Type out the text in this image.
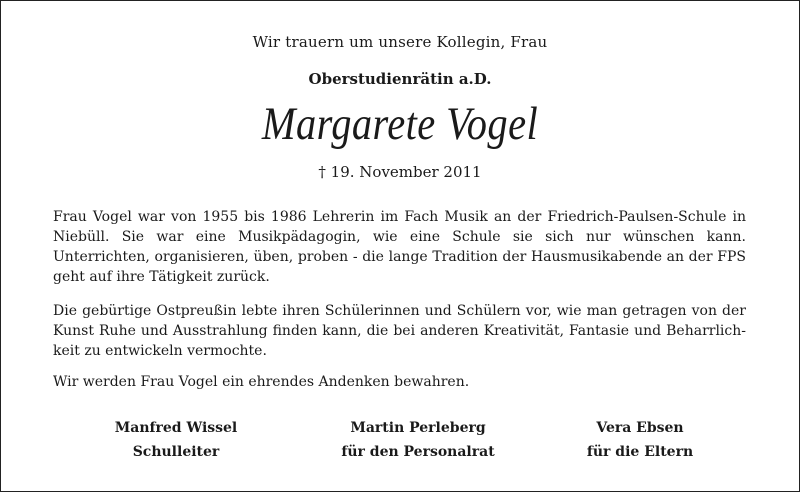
Wir trauern um unsere Kollegin, Frau
Oberstudienrätin a.D.
Margarete Vogel
† 19. November 2011

Frau Vogel war von 1955 bis 1986 Lehrerin im Fach Musik an der Friedrich-Paulsen-Schule in Niebüll. Sie war eine Musikpädagogin, wie eine Schule sie sich nur wünschen kann. Unterrichten, organisieren, üben, proben - die lange Tradition der Hausmusikabende an der FPS geht auf ihre Tätigkeit zurück.

Die gebürtige Ostpreußin lebte ihren Schülerinnen und Schülern vor, wie man getragen von der Kunst Ruhe und Ausstrahlung finden kann, die bei anderen Kreativität, Fantasie und Beharrlichkeit zu entwickeln vermochte.

Wir werden Frau Vogel ein ehrendes Andenken bewahren.

Manfred Wissel
Schulleiter
Martin Perleberg
für den Personalrat
Vera Ebsen
für die Eltern
